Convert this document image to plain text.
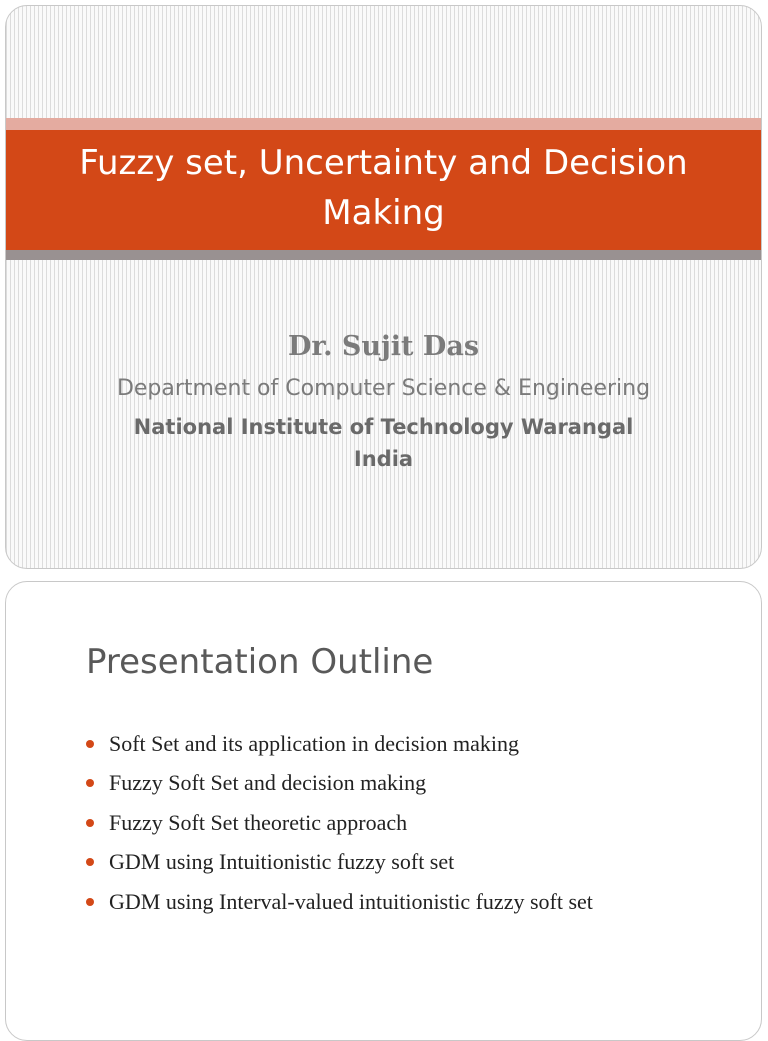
Fuzzy set, Uncertainty and Decision Making
Dr. Sujit Das
Department of Computer Science & Engineering
National Institute of Technology Warangal
India
Presentation Outline
Soft Set and its application in decision making
Fuzzy Soft Set and decision making
Fuzzy Soft Set theoretic approach
GDM using Intuitionistic fuzzy soft set
GDM using Interval-valued intuitionistic fuzzy soft set
